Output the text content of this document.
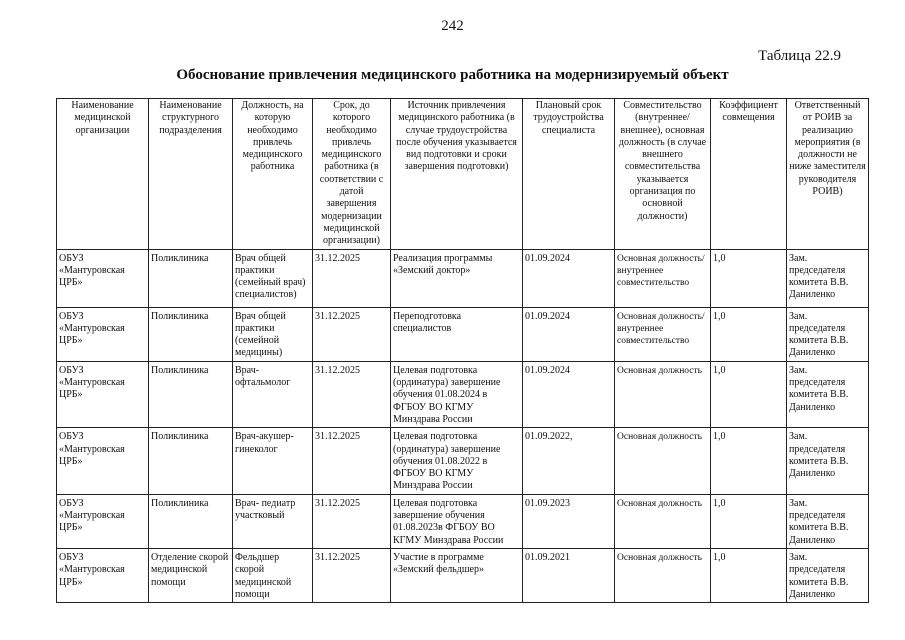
242
Таблица 22.9
Обоснование привлечения медицинского работника на модернизируемый объект
Наименование медицинской организации	Наименование структурного подразделения	Должность, на которую необходимо привлечь медицинского работника	Срок, до которого необходимо привлечь медицинского работника (в соответствии с датой завершения модернизации медицинской организации)	Источник привлечения медицинского работника (в случае трудоустройства после обучения указывается вид подготовки и сроки завершения подготовки)	Плановый срок трудоустройства специалиста	Совместительство (внутреннее/внешнее), основная должность (в случае внешнего совместительства указывается организация по основной должности)	Коэффициент совмещения	Ответственный от РОИВ за реализацию мероприятия (в должности не ниже заместителя руководителя РОИВ)
ОБУЗ «Мантуровская ЦРБ»	Поликлиника	Врач общей практики (семейный врач) специалистов)	31.12.2025	Реализация программы «Земский доктор»	01.09.2024	Основная должность/внутреннее совместительство	1,0	Зам. председателя комитета В.В. Даниленко
ОБУЗ «Мантуровская ЦРБ»	Поликлиника	Врач общей практики (семейной медицины)	31.12.2025	Переподготовка специалистов	01.09.2024	Основная должность/внутреннее совместительство	1,0	Зам. председателя комитета В.В. Даниленко
ОБУЗ «Мантуровская ЦРБ»	Поликлиника	Врач-офтальмолог	31.12.2025	Целевая подготовка (ординатура) завершение обучения 01.08.2024 в ФГБОУ ВО КГМУ Минздрава России	01.09.2024	Основная должность	1,0	Зам. председателя комитета В.В. Даниленко
ОБУЗ «Мантуровская ЦРБ»	Поликлиника	Врач-акушер-гинеколог	31.12.2025	Целевая подготовка (ординатура) завершение обучения 01.08.2022 в ФГБОУ ВО КГМУ Минздрава России	01.09.2022,	Основная должность	1,0	Зам. председателя комитета В.В. Даниленко
ОБУЗ «Мантуровская ЦРБ»	Поликлиника	Врач- педиатр участковый	31.12.2025	Целевая подготовка завершение обучения 01.08.2023в ФГБОУ ВО КГМУ Минздрава России	01.09.2023	Основная должность	1,0	Зам. председателя комитета В.В. Даниленко
ОБУЗ «Мантуровская ЦРБ»	Отделение скорой медицинской помощи	Фельдшер скорой медицинской помощи	31.12.2025	Участие в программе «Земский фельдшер»	01.09.2021	Основная должность	1,0	Зам. председателя комитета В.В. Даниленко
